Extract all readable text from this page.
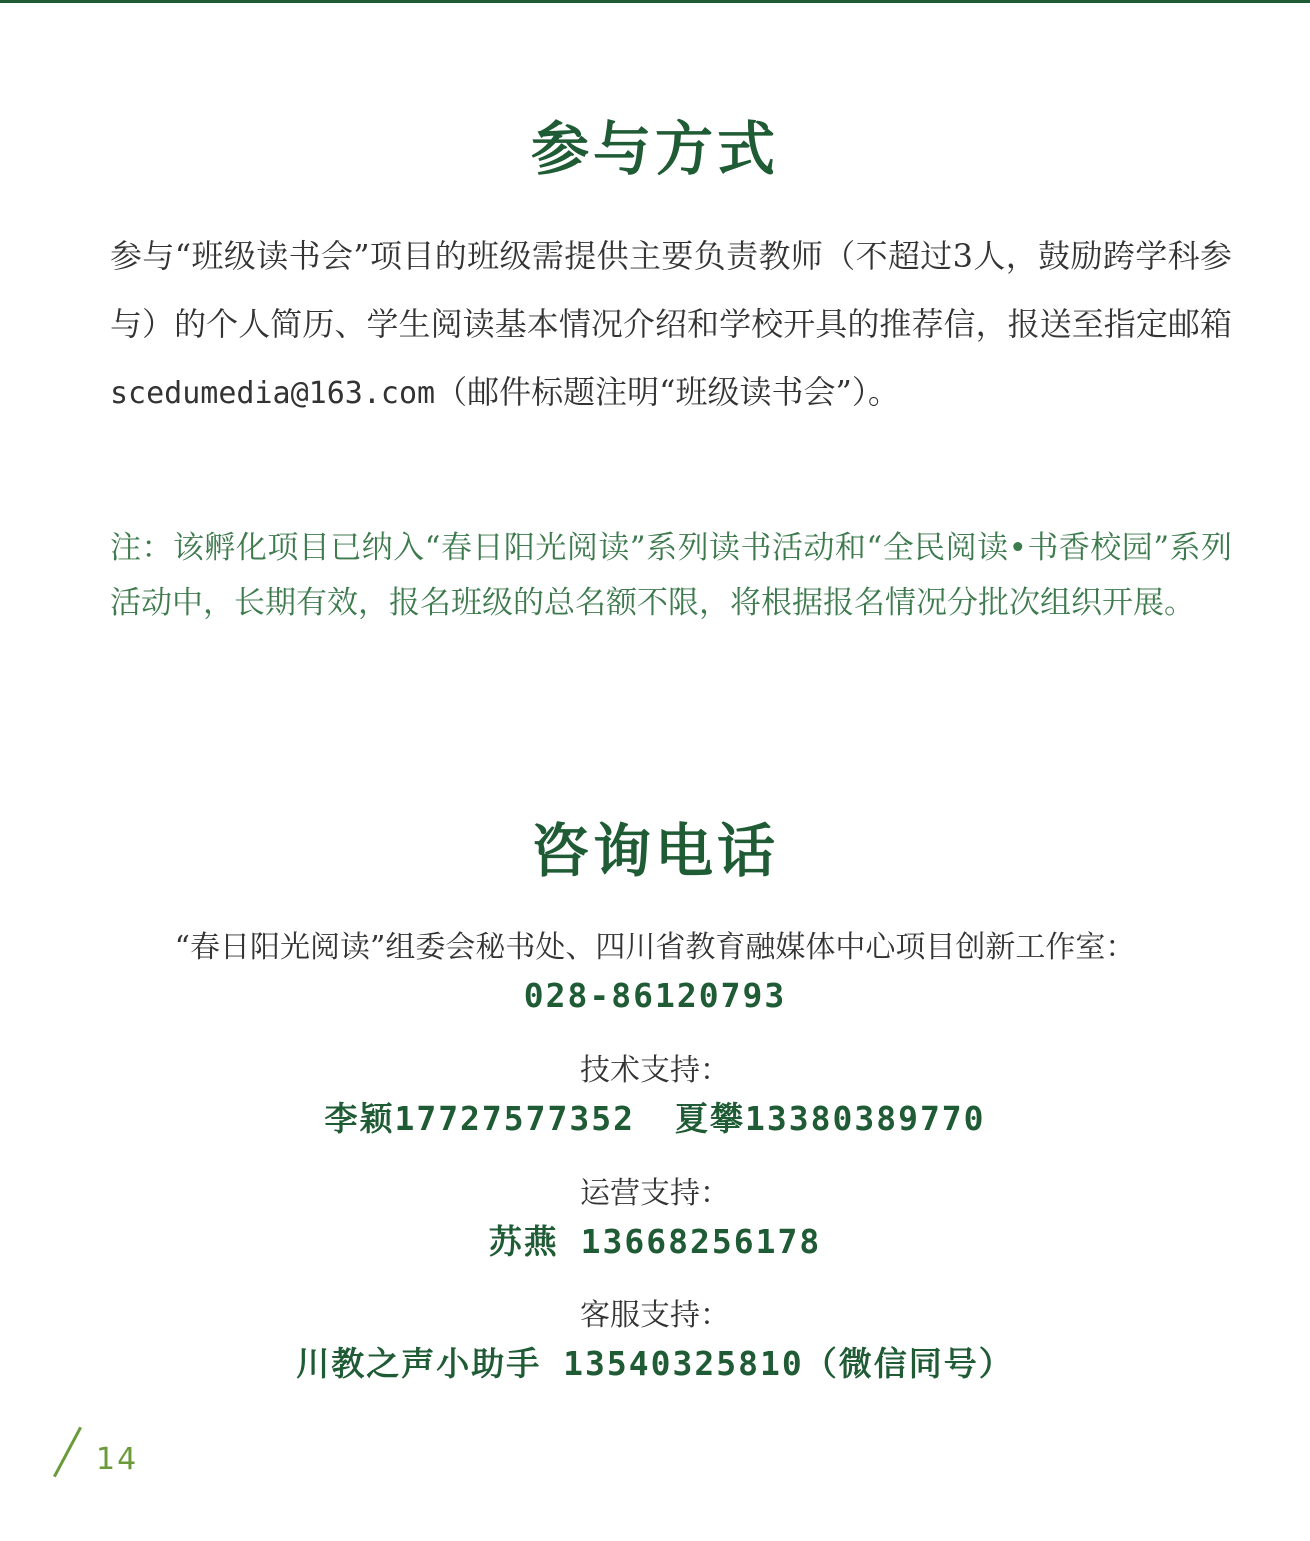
参与方式

参与“班级读书会”项目的班级需提供主要负责教师（不超过3人，鼓励跨学科参与）的个人简历、学生阅读基本情况介绍和学校开具的推荐信，报送至指定邮箱scedumedia@163.com（邮件标题注明“班级读书会”）。

注：该孵化项目已纳入“春日阳光阅读”系列读书活动和“全民阅读•书香校园”系列活动中，长期有效，报名班级的总名额不限，将根据报名情况分批次组织开展。

咨询电话

“春日阳光阅读”组委会秘书处、四川省教育融媒体中心项目创新工作室：

028-86120793

技术支持：

李颖17727577352 夏攀13380389770

运营支持：

苏燕 13668256178

客服支持：

川教之声小助手 13540325810（微信同号）

14
